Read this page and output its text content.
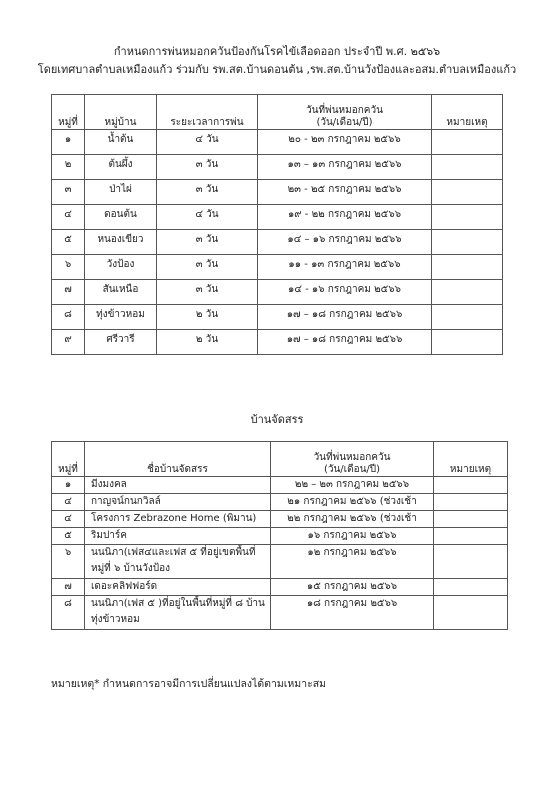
กำหนดการพ่นหมอกควันป้องกันโรคไข้เลือดออก ประจำปี พ.ศ. ๒๕๖๖
โดยเทศบาลตำบลเหมืองแก้ว ร่วมกับ รพ.สต.บ้านดอนต้น ,รพ.สต.บ้านวังป้องและอสม.ตำบลเหมืองแก้ว
หมู่ที่	หมู่บ้าน	ระยะเวลาการพ่น	วันที่พ่นหมอกควัน
(วัน/เดือน/ปี)	หมายเหตุ
๑	น้ำต้น	๔ วัน	๒๐ - ๒๓ กรกฎาคม ๒๕๖๖	
๒	ต้นผึ้ง	๓ วัน	๑๓ – ๑๓ กรกฎาคม ๒๕๖๖	
๓	ป่าไผ่	๓ วัน	๒๓ - ๒๕ กรกฎาคม ๒๕๖๖	
๔	ดอนต้น	๔ วัน	๑๙ - ๒๒ กรกฎาคม ๒๕๖๖	
๕	หนองเขียว	๓ วัน	๑๔ – ๑๖ กรกฎาคม ๒๕๖๖	
๖	วังป้อง	๓ วัน	๑๑ - ๑๓ กรกฎาคม ๒๕๖๖	
๗	สันเหนือ	๓ วัน	๑๔ - ๑๖ กรกฎาคม ๒๕๖๖	
๘	ทุ่งข้าวหอม	๒ วัน	๑๗ – ๑๘ กรกฎาคม ๒๕๖๖	
๙	ศรีวารี	๒ วัน	๑๗ – ๑๘ กรกฎาคม ๒๕๖๖	
บ้านจัดสรร
หมู่ที่	ชื่อบ้านจัดสรร	วันที่พ่นหมอกควัน
(วัน/เดือน/ปี)	หมายเหตุ
๑	มีงมงคล	๒๒ – ๒๓ กรกฎาคม ๒๕๖๖	
๔	กาญจน์กนกวิลล์	๒๑ กรกฎาคม ๒๕๖๖ (ช่วงเช้า	
๔	โครงการ Zebrazone Home (พิมาน)	๒๒ กรกฎาคม ๒๕๖๖ (ช่วงเช้า	
๕	ริมปาร์ค	๑๖ กรกฎาคม ๒๕๖๖	
๖	นนนิภา(เฟส๔และเฟส ๕ ที่อยู่เขตพื้นที่หมู่ที่ ๖ บ้านวังป้อง	๑๒ กรกฎาคม ๒๕๖๖	
๗	เดอะคลิฟฟอร์ด	๑๕ กรกฎาคม ๒๕๖๖	
๘	นนนิภา(เฟส ๕ )ที่อยู่ในพื้นที่หมู่ที่ ๘ บ้านทุ่งข้าวหอม	๑๘ กรกฎาคม ๒๕๖๖	
หมายเหตุ* กำหนดการอาจมีการเปลี่ยนแปลงได้ตามเหมาะสม
